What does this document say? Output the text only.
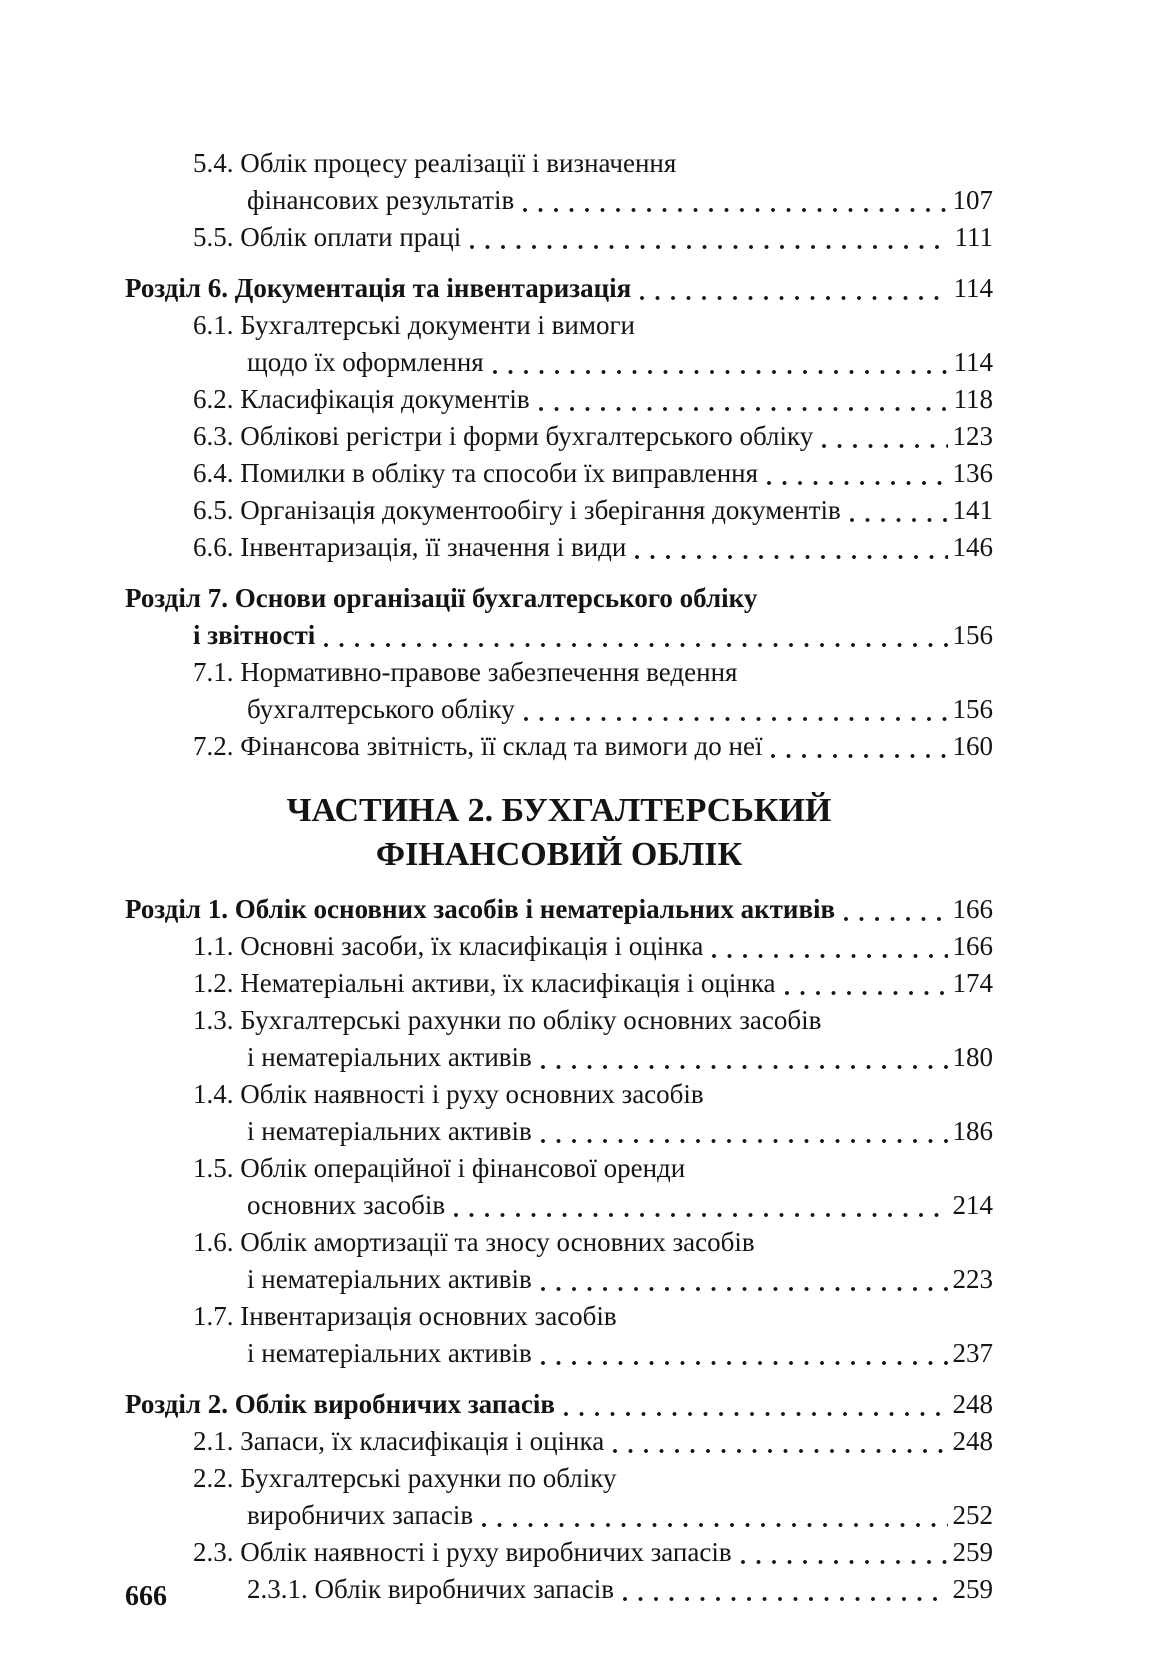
5.4. Облік процесу реалізації і визначення
фінансових результатів	107
5.5. Облік оплати праці	111
Розділ 6. Документація та інвентаризація	114
6.1. Бухгалтерські документи і вимоги
щодо їх оформлення	114
6.2. Класифікація документів	118
6.3. Облікові регістри і форми бухгалтерського обліку	123
6.4. Помилки в обліку та способи їх виправлення	136
6.5. Організація документообігу і зберігання документів	141
6.6. Інвентаризація, її значення і види	146
Розділ 7. Основи організації бухгалтерського обліку
і звітності	156
7.1. Нормативно-правове забезпечення ведення
бухгалтерського обліку	156
7.2. Фінансова звітність, її склад та вимоги до неї	160
ЧАСТИНА 2. БУХГАЛТЕРСЬКИЙ
ФІНАНСОВИЙ ОБЛІК
Розділ 1. Облік основних засобів і нематеріальних активів	166
1.1. Основні засоби, їх класифікація і оцінка	166
1.2. Нематеріальні активи, їх класифікація і оцінка	174
1.3. Бухгалтерські рахунки по обліку основних засобів
і нематеріальних активів	180
1.4. Облік наявності і руху основних засобів
і нематеріальних активів	186
1.5. Облік операційної і фінансової оренди
основних засобів	214
1.6. Облік амортизації та зносу основних засобів
і нематеріальних активів	223
1.7. Інвентаризація основних засобів
і нематеріальних активів	237
Розділ 2. Облік виробничих запасів	248
2.1. Запаси, їх класифікація і оцінка	248
2.2. Бухгалтерські рахунки по обліку
виробничих запасів	252
2.3. Облік наявності і руху виробничих запасів	259
2.3.1. Облік виробничих запасів	259
666
